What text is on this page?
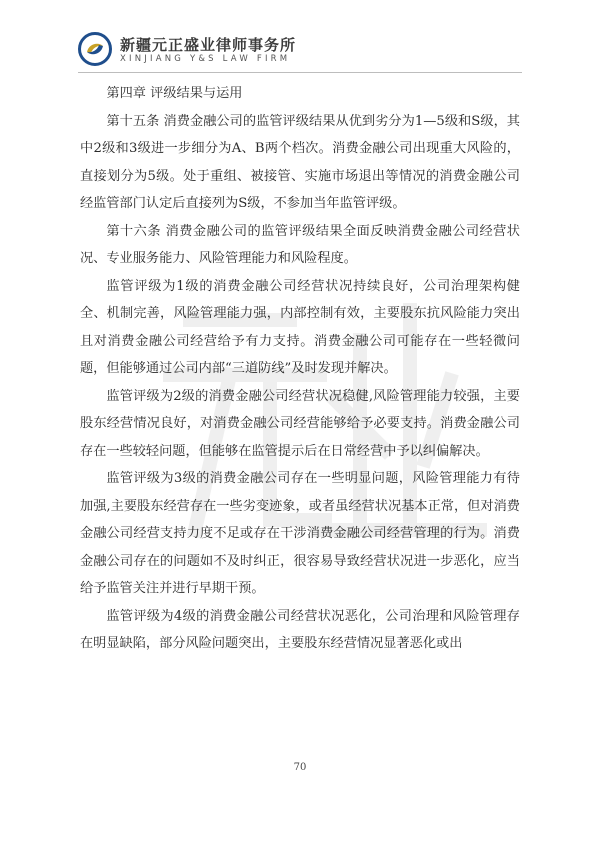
新疆元正盛业律师事务所
XINJIANG Y&S LAW FIRM

第四章 评级结果与运用

第十五条 消费金融公司的监管评级结果从优到劣分为1—5级和S级，其中2级和3级进一步细分为A、B两个档次。消费金融公司出现重大风险的，直接划分为5级。处于重组、被接管、实施市场退出等情况的消费金融公司经监管部门认定后直接列为S级，不参加当年监管评级。

第十六条 消费金融公司的监管评级结果全面反映消费金融公司经营状况、专业服务能力、风险管理能力和风险程度。

监管评级为1级的消费金融公司经营状况持续良好，公司治理架构健全、机制完善，风险管理能力强，内部控制有效，主要股东抗风险能力突出且对消费金融公司经营给予有力支持。消费金融公司可能存在一些轻微问题，但能够通过公司内部“三道防线”及时发现并解决。

监管评级为2级的消费金融公司经营状况稳健,风险管理能力较强，主要股东经营情况良好，对消费金融公司经营能够给予必要支持。消费金融公司存在一些较轻问题，但能够在监管提示后在日常经营中予以纠偏解决。

监管评级为3级的消费金融公司存在一些明显问题，风险管理能力有待加强,主要股东经营存在一些劣变迹象，或者虽经营状况基本正常，但对消费金融公司经营支持力度不足或存在干涉消费金融公司经营管理的行为。消费金融公司存在的问题如不及时纠正，很容易导致经营状况进一步恶化，应当给予监管关注并进行早期干预。

监管评级为4级的消费金融公司经营状况恶化，公司治理和风险管理存在明显缺陷，部分风险问题突出，主要股东经营情况显著恶化或出

70
